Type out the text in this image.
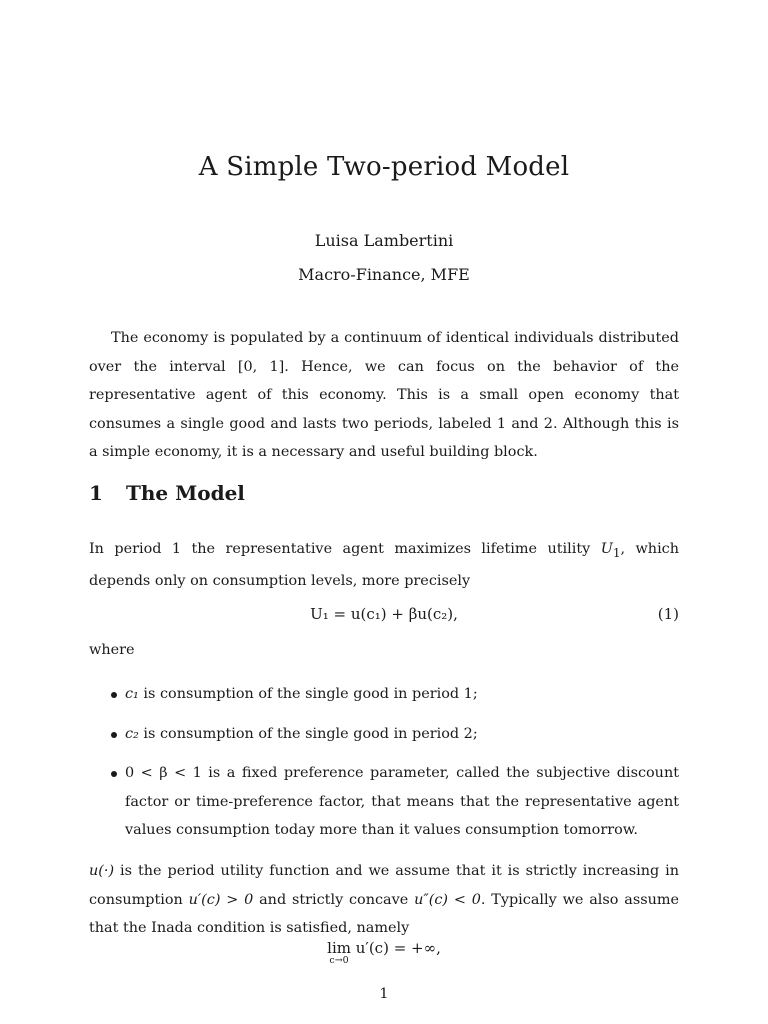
A Simple Two-period Model
Luisa Lambertini
Macro-Finance, MFE
The economy is populated by a continuum of identical individuals distributed over the interval [0, 1]. Hence, we can focus on the behavior of the representative agent of this economy. This is a small open economy that consumes a single good and lasts two periods, labeled 1 and 2. Although this is a simple economy, it is a necessary and useful building block.
1 The Model
In period 1 the representative agent maximizes lifetime utility $U_1$, which depends only on consumption levels, more precisely
U₁ = u(c₁) + βu(c₂),	(1)
where
c₁ is consumption of the single good in period 1;
c₂ is consumption of the single good in period 2;
0 < β < 1 is a fixed preference parameter, called the subjective discount factor or time-preference factor, that means that the representative agent values consumption today more than it values consumption tomorrow.
u(·) is the period utility function and we assume that it is strictly increasing in consumption u′(c) > 0 and strictly concave u″(c) < 0. Typically we also assume that the Inada condition is satisfied, namely
lim
c→0
u′(c) = +∞,
1
